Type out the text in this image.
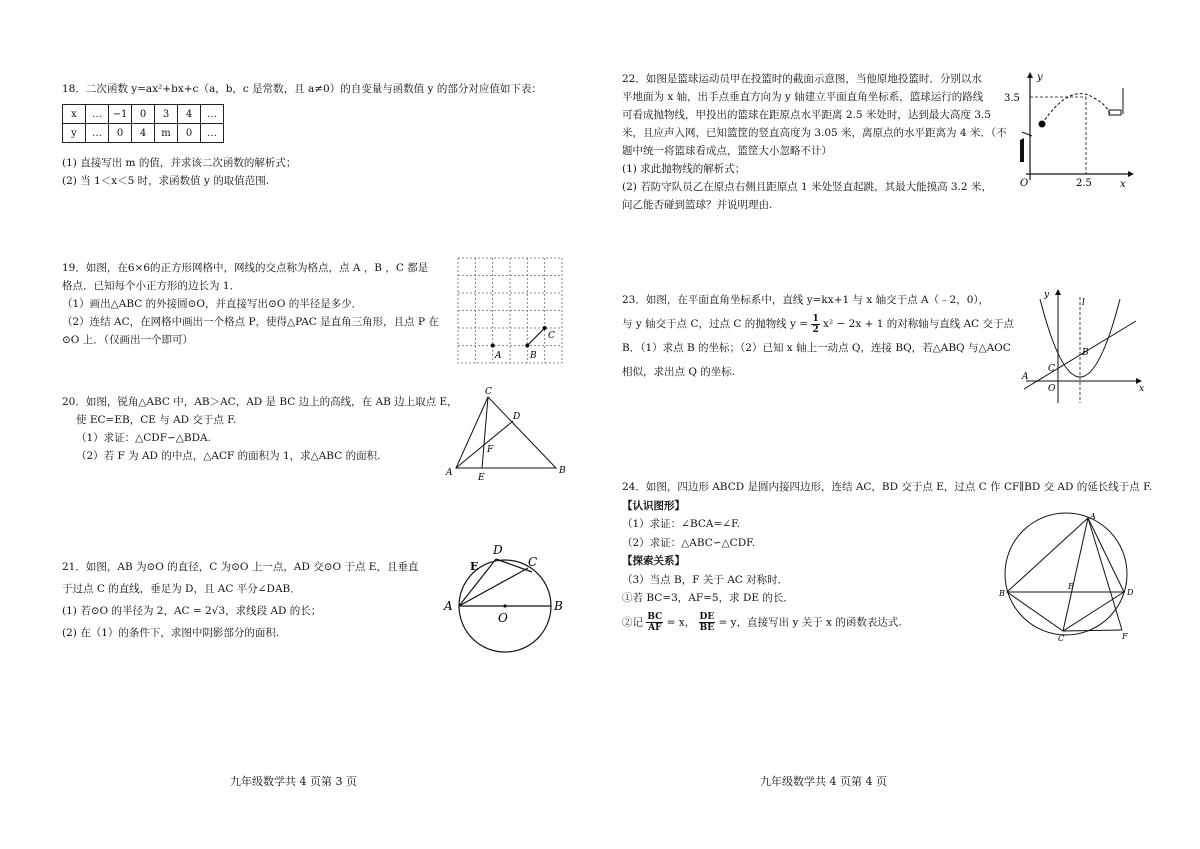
18．二次函数 y=ax²+bx+c（a，b，c 是常数，且 a≠0）的自变量与函数值 y 的部分对应值如下表：

x	…	−1	0	3	4	…
y	…	0	4	m	0	…

(1) 直接写出 m 的值，并求该二次函数的解析式；

(2) 当 1＜x＜5 时，求函数值 y 的取值范围.

19．如图，在6×6的正方形网格中，网线的交点称为格点，点 A ，B ，C 都是

格点．已知每个小正方形的边长为 1．

（1）画出△ABC 的外接圆⊙O，并直接写出⊙O 的半径是多少．

（2）连结 AC，在网格中画出一个格点 P，使得△PAC 是直角三角形，且点 P 在

⊙O 上．（仅画出一个即可）

A	B
C

20．如图，锐角△ABC 中，AB＞AC，AD 是 BC 边上的高线，在 AB 边上取点 E，

使 EC=EB，CE 与 AD 交于点 F.

（1）求证：△CDF∽△BDA.

（2）若 F 为 AD 的中点，△ACF 的面积为 1，求△ABC 的面积.

A	B
C
D
E
F

21．如图，AB 为⊙O 的直径，C 为⊙O 上一点，AD 交⊙O 于点 E，且垂直

于过点 C 的直线，垂足为 D，且 AC 平分∠DAB．

(1) 若⊙O 的半径为 2，AC = 2√3，求线段 AD 的长；

(2) 在（1）的条件下，求图中阴影部分的面积.

A	B
C
D
E
O
九年级数学共 4 页第 3 页

22．如图是篮球运动员甲在投篮时的截面示意图，当他原地投篮时．分别以水

平地面为 x 轴，出手点垂直方向为 y 轴建立平面直角坐标系，篮球运行的路线

可看成抛物线，甲投出的篮球在距原点水平距离 2.5 米处时，达到最大高度 3.5

米，且应声入网，已知篮筐的竖直高度为 3.05 米，离原点的水平距离为 4 米．（不

题中统一将篮球看成点，篮筐大小忽略不计）

(1) 求此抛物线的解析式；

(2) 若防守队员乙在原点右侧且距原点 1 米处竖直起跳，其最大能摸高 3.2 米，

问乙能否碰到篮球？并说明理由.

y
x
O
3.5
2.5

23．如图，在平面直角坐标系中，直线 y=kx+1 与 x 轴交于点 A（﹣2，0），

与 y 轴交于点 C，过点 C 的抛物线 $y = \frac{1}{2} x^2 - 2x + 1$ 的对称轴与直线 AC 交于点

B．（1）求点 B 的坐标；（2）已知 x 轴上一动点 Q，连接 BQ，若△ABQ 与△AOC

相似，求出点 Q 的坐标.

y
x
l
A
B
C
O

24．如图，四边形 ABCD 是圆内接四边形，连结 AC，BD 交于点 E，过点 C 作 CF∥BD 交 AD 的延长线于点 F.

【认识图形】

（1）求证：∠BCA=∠F.

（2）求证：△ABC∽△CDF.

【探索关系】

（3）当点 B，F 关于 AC 对称时．

①若 BC=3，AF=5，求 DE 的长．

②记 $\frac{BC}{AF} = x$， $\frac{DE}{BE} = y$，直接写出 y 关于 x 的函数表达式.

A
B
C
D
E
F
九年级数学共 4 页第 4 页
